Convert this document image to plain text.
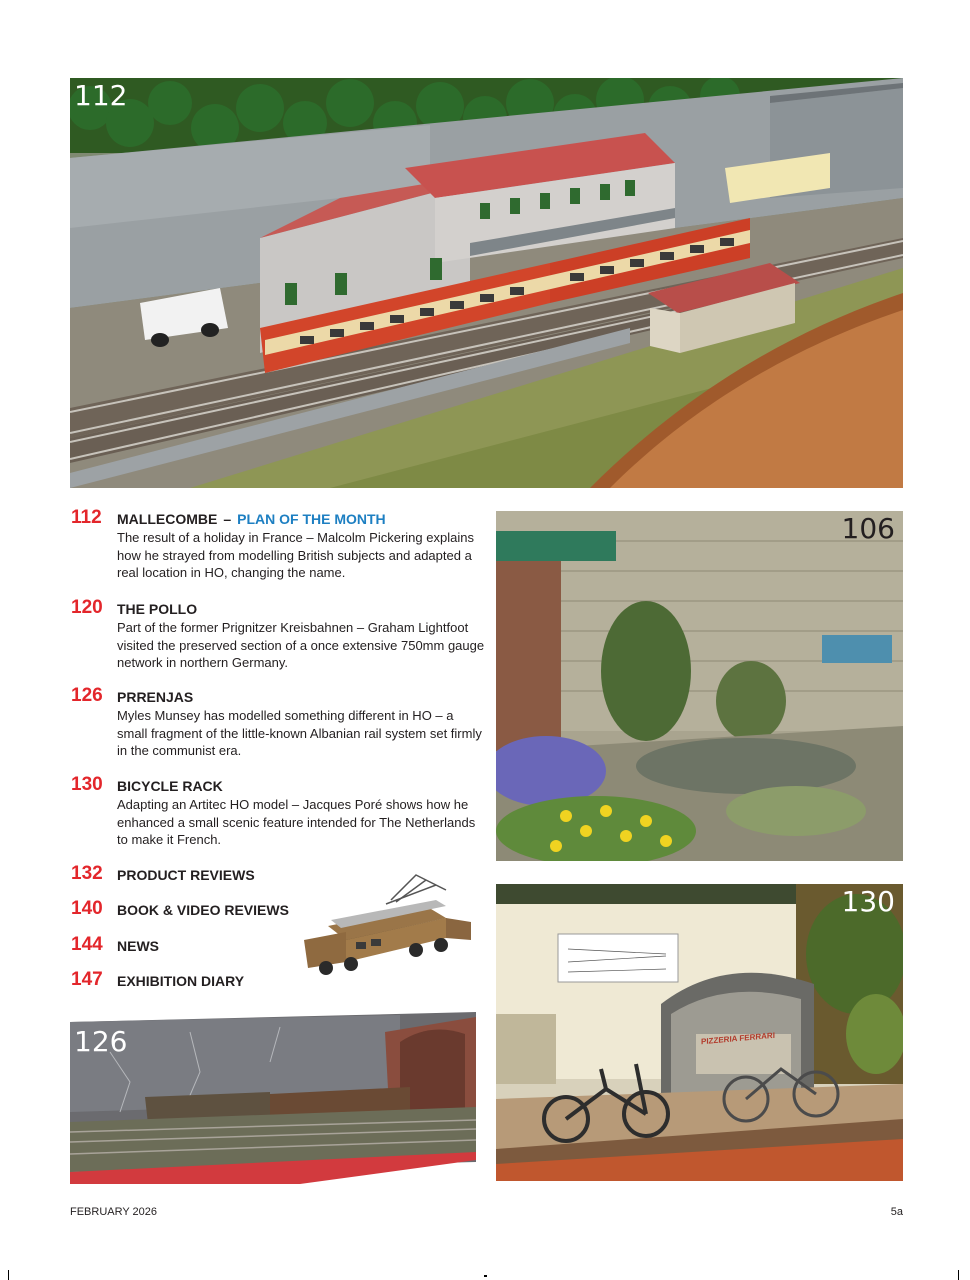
112
112	MALLECOMBE – PLAN OF THE MONTH
The result of a holiday in France – Malcolm Pickering explains how he strayed from modelling British subjects and adapted a real location in HO, changing the name.
120	THE POLLO
Part of the former Prignitzer Kreisbahnen – Graham Lightfoot visited the preserved section of a once extensive 750mm gauge network in northern Germany.
126	PRRENJAS
Myles Munsey has modelled something different in HO – a small fragment of the little-known Albanian rail system set firmly in the communist era.
130	BICYCLE RACK
Adapting an Artitec HO model – Jacques Poré shows how he enhanced a small scenic feature intended for The Netherlands to make it French.
132	PRODUCT REVIEWS
140	BOOK & VIDEO REVIEWS
144	NEWS
147	EXHIBITION DIARY
106
PIZZERIA FERRARI
130
126
FEBRUARY 2026	5a
